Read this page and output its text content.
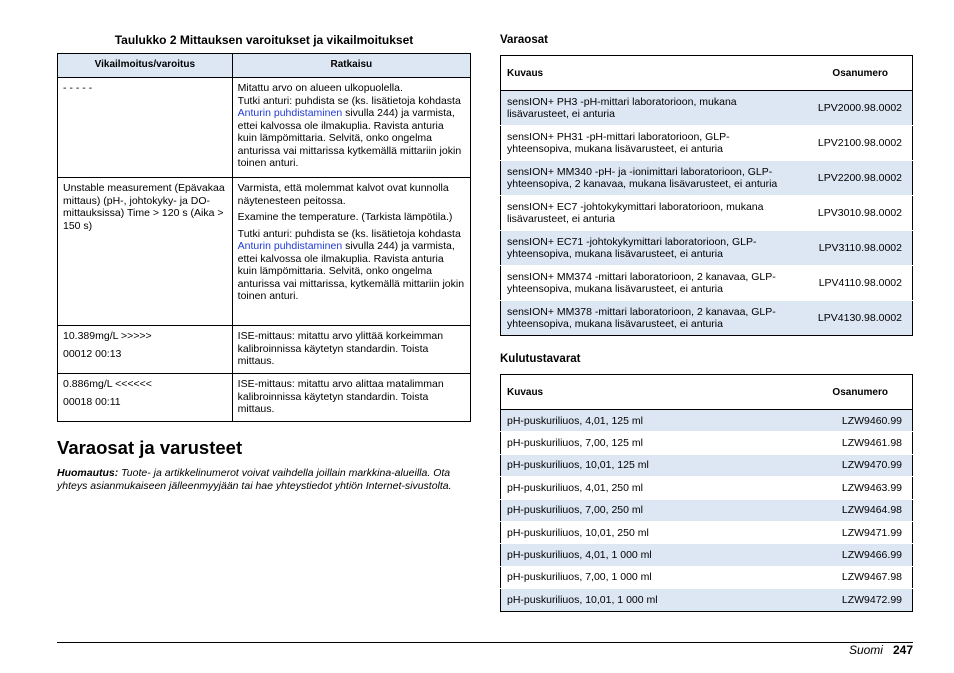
Taulukko 2 Mittauksen varoitukset ja vikailmoitukset
Vikailmoitus/varoitus	Ratkaisu

- - - - -	Mitattu arvo on alueen ulkopuolella.
Tutki anturi: puhdista se (ks. lisätietoja kohdasta Anturin puhdistaminen sivulla 244) ja varmista, ettei kalvossa ole ilmakuplia. Ravista anturia kuin lämpömittaria. Selvitä, onko ongelma anturissa vai mittarissa kytkemällä mittariin jokin toinen anturi.

Unstable measurement (Epävakaa mittaus) (pH-, johtokyky- ja DO-mittauksissa) Time > 120 s (Aika > 150 s)	Varmista, että molemmat kalvot ovat kunnolla näytenesteen peitossa.

Examine the temperature. (Tarkista lämpötila.)

Tutki anturi: puhdista se (ks. lisätietoja kohdasta Anturin puhdistaminen sivulla 244) ja varmista, ettei kalvossa ole ilmakuplia. Ravista anturia kuin lämpömittaria. Selvitä, onko ongelma anturissa vai mittarissa, kytkemällä mittariin jokin toinen anturi.

10.389mg/L >>>>>

00012 00:13	ISE-mittaus: mitattu arvo ylittää korkeimman kalibroinnissa käytetyn standardin. Toista mittaus.

0.886mg/L <<<<<<

00018 00:11	ISE-mittaus: mitattu arvo alittaa matalimman kalibroinnissa käytetyn standardin. Toista mittaus.

Varaosat ja varusteet
Huomautus: Tuote- ja artikkelinumerot voivat vaihdella joillain markkina-alueilla. Ota yhteys asianmukaiseen jälleenmyyjään tai hae yhteystiedot yhtiön Internet-sivustolta.
Varaosat
Kuvaus	Osanumero
sensION+ PH3 -pH-mittari laboratorioon, mukana lisävarusteet, ei anturia	LPV2000.98.0002
sensION+ PH31 -pH-mittari laboratorioon, GLP-yhteensopiva, mukana lisävarusteet, ei anturia	LPV2100.98.0002
sensION+ MM340 -pH- ja -ionimittari laboratorioon, GLP-yhteensopiva, 2 kanavaa, mukana lisävarusteet, ei anturia	LPV2200.98.0002
sensION+ EC7 -johtokykymittari laboratorioon, mukana lisävarusteet, ei anturia	LPV3010.98.0002
sensION+ EC71 -johtokykymittari laboratorioon, GLP-yhteensopiva, mukana lisävarusteet, ei anturia	LPV3110.98.0002
sensION+ MM374 -mittari laboratorioon, 2 kanavaa, GLP-yhteensopiva, mukana lisävarusteet, ei anturia	LPV4110.98.0002
sensION+ MM378 -mittari laboratorioon, 2 kanavaa, GLP-yhteensopiva, mukana lisävarusteet, ei anturia	LPV4130.98.0002
Kulutustavarat
Kuvaus	Osanumero
pH-puskuriliuos, 4,01, 125 ml	LZW9460.99
pH-puskuriliuos, 7,00, 125 ml	LZW9461.98
pH-puskuriliuos, 10,01, 125 ml	LZW9470.99
pH-puskuriliuos, 4,01, 250 ml	LZW9463.99
pH-puskuriliuos, 7,00, 250 ml	LZW9464.98
pH-puskuriliuos, 10,01, 250 ml	LZW9471.99
pH-puskuriliuos, 4,01, 1 000 ml	LZW9466.99
pH-puskuriliuos, 7,00, 1 000 ml	LZW9467.98
pH-puskuriliuos, 10,01, 1 000 ml	LZW9472.99
Suomi 247
